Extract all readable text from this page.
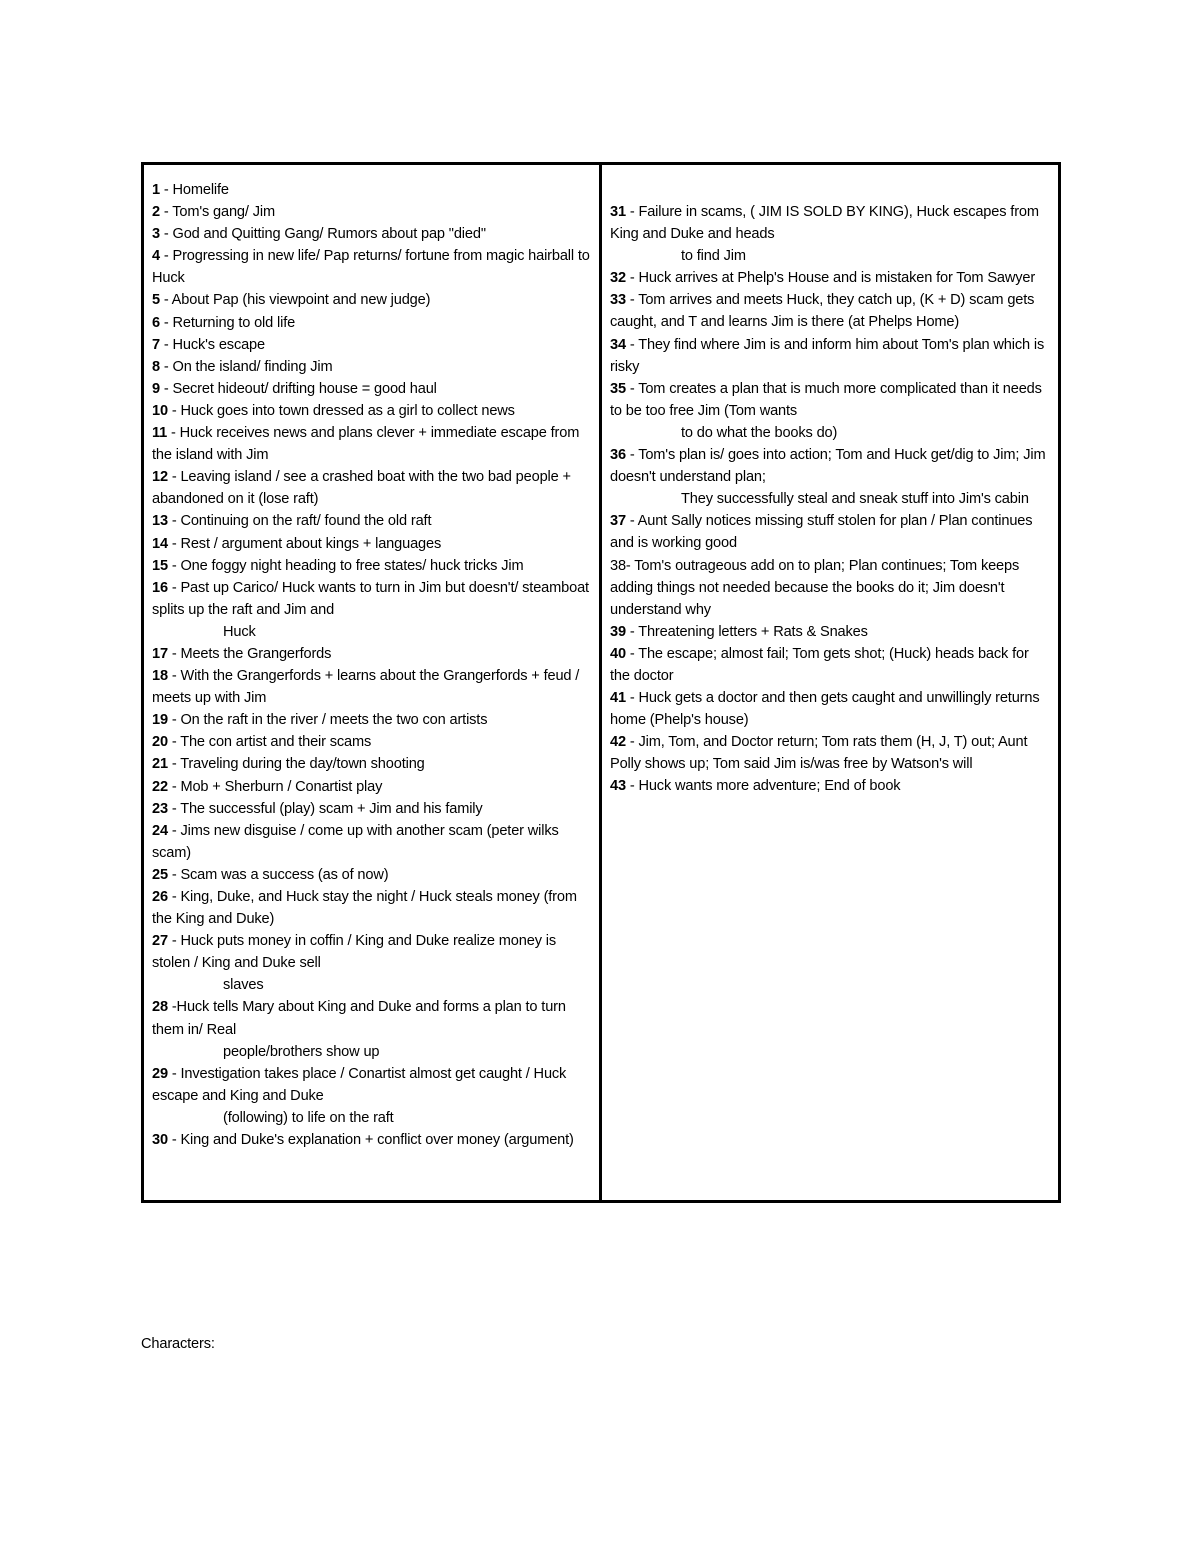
1 - Homelife
2 - Tom's gang/ Jim
3 - God and Quitting Gang/ Rumors about pap "died"
4 - Progressing in new life/ Pap returns/ fortune from magic hairball to Huck
5 - About Pap (his viewpoint and new judge)
6 - Returning to old life
7 - Huck's escape
8 - On the island/ finding Jim
9 - Secret hideout/ drifting house = good haul
10 - Huck goes into town dressed as a girl to collect news
11 - Huck receives news and plans clever + immediate escape from the island with Jim
12 - Leaving island / see a crashed boat with the two bad people + abandoned on it (lose raft)
13 - Continuing on the raft/ found the old raft
14 - Rest / argument about kings + languages
15 - One foggy night heading to free states/ huck tricks Jim
16 - Past up Carico/ Huck wants to turn in Jim but doesn't/ steamboat splits up the raft and Jim and
Huck
17 - Meets the Grangerfords
18 - With the Grangerfords + learns about the Grangerfords + feud / meets up with Jim
19 - On the raft in the river / meets the two con artists
20 - The con artist and their scams
21 - Traveling during the day/town shooting
22 - Mob + Sherburn / Conartist play
23 - The successful (play) scam + Jim and his family
24 - Jims new disguise / come up with another scam (peter wilks scam)
25 - Scam was a success (as of now)
26 - King, Duke, and Huck stay the night / Huck steals money (from the King and Duke)
27 - Huck puts money in coffin / King and Duke realize money is stolen / King and Duke sell
slaves
28 -Huck tells Mary about King and Duke and forms a plan to turn them in/ Real
people/brothers show up
29 - Investigation takes place / Conartist almost get caught / Huck escape and King and Duke
(following) to life on the raft
30 - King and Duke's explanation + conflict over money (argument)
31 - Failure in scams, ( JIM IS SOLD BY KING), Huck escapes from King and Duke and heads
to find Jim
32 - Huck arrives at Phelp's House and is mistaken for Tom Sawyer
33 - Tom arrives and meets Huck, they catch up, (K + D) scam gets caught, and T and learns Jim is there (at Phelps Home)
34 - They find where Jim is and inform him about Tom's plan which is risky
35 - Tom creates a plan that is much more complicated than it needs to be too free Jim (Tom wants
to do what the books do)
36 - Tom's plan is/ goes into action; Tom and Huck get/dig to Jim; Jim doesn't understand plan;
They successfully steal and sneak stuff into Jim's cabin
37 - Aunt Sally notices missing stuff stolen for plan / Plan continues and is working good
38- Tom's outrageous add on to plan; Plan continues; Tom keeps adding things not needed because the books do it; Jim doesn't understand why
39 - Threatening letters + Rats & Snakes
40 - The escape; almost fail; Tom gets shot; (Huck) heads back for the doctor
41 - Huck gets a doctor and then gets caught and unwillingly returns home (Phelp's house)
42 - Jim, Tom, and Doctor return; Tom rats them (H, J, T) out; Aunt Polly shows up; Tom said Jim is/was free by Watson's will
43 - Huck wants more adventure; End of book
Characters:
